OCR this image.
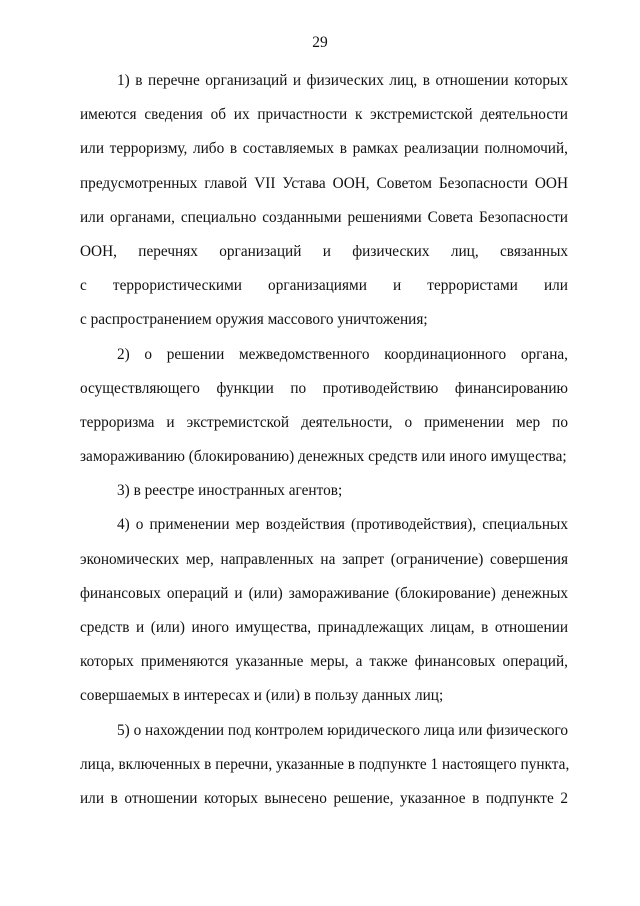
29
1) в перечне организаций и физических лиц, в отношении которых
имеются сведения об их причастности к экстремистской деятельности
или терроризму, либо в составляемых в рамках реализации полномочий,
предусмотренных главой VII Устава ООН, Советом Безопасности ООН
или органами, специально созданными решениями Совета Безопасности
ООН, перечнях организаций и физических лиц, связанных
с террористическими организациями и террористами или
с распространением оружия массового уничтожения;
2) о решении межведомственного координационного органа,
осуществляющего функции по противодействию финансированию
терроризма и экстремистской деятельности, о применении мер по
замораживанию (блокированию) денежных средств или иного имущества;
3) в реестре иностранных агентов;
4) о применении мер воздействия (противодействия), специальных
экономических мер, направленных на запрет (ограничение) совершения
финансовых операций и (или) замораживание (блокирование) денежных
средств и (или) иного имущества, принадлежащих лицам, в отношении
которых применяются указанные меры, а также финансовых операций,
совершаемых в интересах и (или) в пользу данных лиц;
5) о нахождении под контролем юридического лица или физического
лица, включенных в перечни, указанные в подпункте 1 настоящего пункта,
или в отношении которых вынесено решение, указанное в подпункте 2
